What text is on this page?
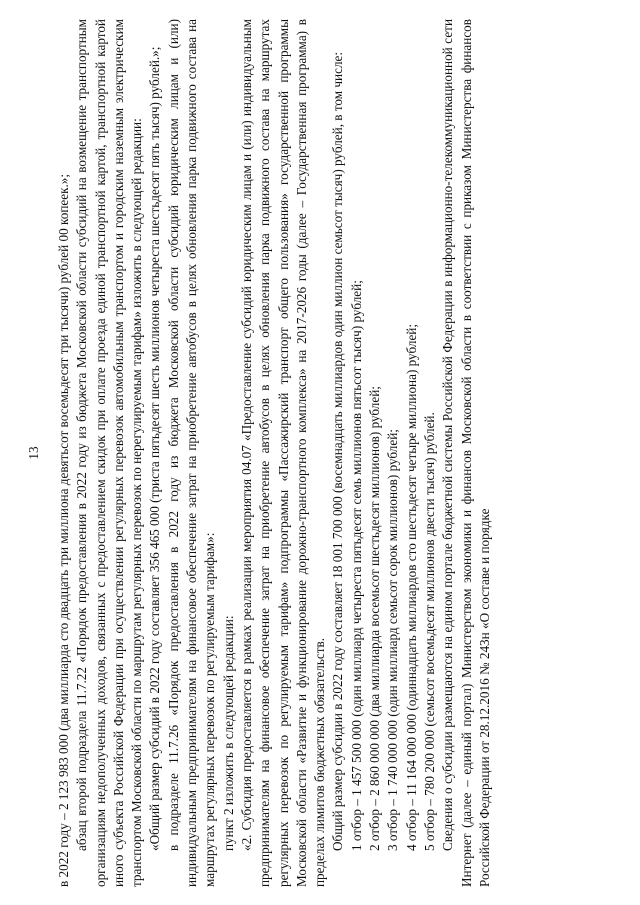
13 в 2022 году – 2 123 983 000 (два миллиарда сто двадцать три миллиона девятьсот восемьдесят три тысячи) рублей 00 копеек.»; абзац второй подраздела 11.7.22 «Порядок предоставления в 2022 году из бюджета Московской области субсидий на возмещение транспортным организациям недополученных доходов, связанных с предоставлением скидок при оплате проезда единой транспортной картой, транспортной картой иного субъекта Российской Федерации при осуществлении регулярных перевозок автомобильным транспортом и городским наземным электрическим транспортом Московской области по маршрутам регулярных перевозок по нерегулируемым тарифам» изложить в следующей редакции: «Общий размер субсидий в 2022 году составляет 356 465 000 (триста пятьдесят шесть миллионов четыреста шестьдесят пять тысяч) рублей.»; в подразделе 11.7.26 «Порядок предоставления в 2022 году из бюджета Московской области субсидий юридическим лицам и (или) индивидуальным предпринимателям на финансовое обеспечение затрат на приобретение автобусов в целях обновления парка подвижного состава на маршрутах регулярных перевозок по регулируемым тарифам»: пункт 2 изложить в следующей редакции: «2. Субсидия предоставляется в рамках реализации мероприятия 04.07 «Предоставление субсидий юридическим лицам и (или) индивидуальным предпринимателям на финансовое обеспечение затрат на приобретение автобусов в целях обновления парка подвижного состава на маршрутах регулярных перевозок по регулируемым тарифам» подпрограммы «Пассажирский транспорт общего пользования» государственной программы Московской области «Развитие и функционирование дорожно-транспортного комплекса» на 2017-2026 годы (далее – Государственная программа) в пределах лимитов бюджетных обязательств. Общий размер субсидии в 2022 году составляет 18 001 700 000 (восемнадцать миллиардов один миллион семьсот тысяч) рублей, в том числе: 1 отбор – 1 457 500 000 (один миллиард четыреста пятьдесят семь миллионов пятьсот тысяч) рублей; 2 отбор – 2 860 000 000 (два миллиарда восемьсот шестьдесят миллионов) рублей; 3 отбор – 1 740 000 000 (один миллиард семьсот сорок миллионов) рублей; 4 отбор – 11 164 000 000 (одиннадцать миллиардов сто шестьдесят четыре миллиона) рублей; 5 отбор – 780 200 000 (семьсот восемьдесят миллионов двести тысяч) рублей. Сведения о субсидии размещаются на едином портале бюджетной системы Российской Федерации в информационно-телекоммуникационной сети Интернет (далее – единый портал) Министерством экономики и финансов Московской области в соответствии с приказом Министерства финансов Российской Федерации от 28.12.2016 № 243н «О составе и порядке
